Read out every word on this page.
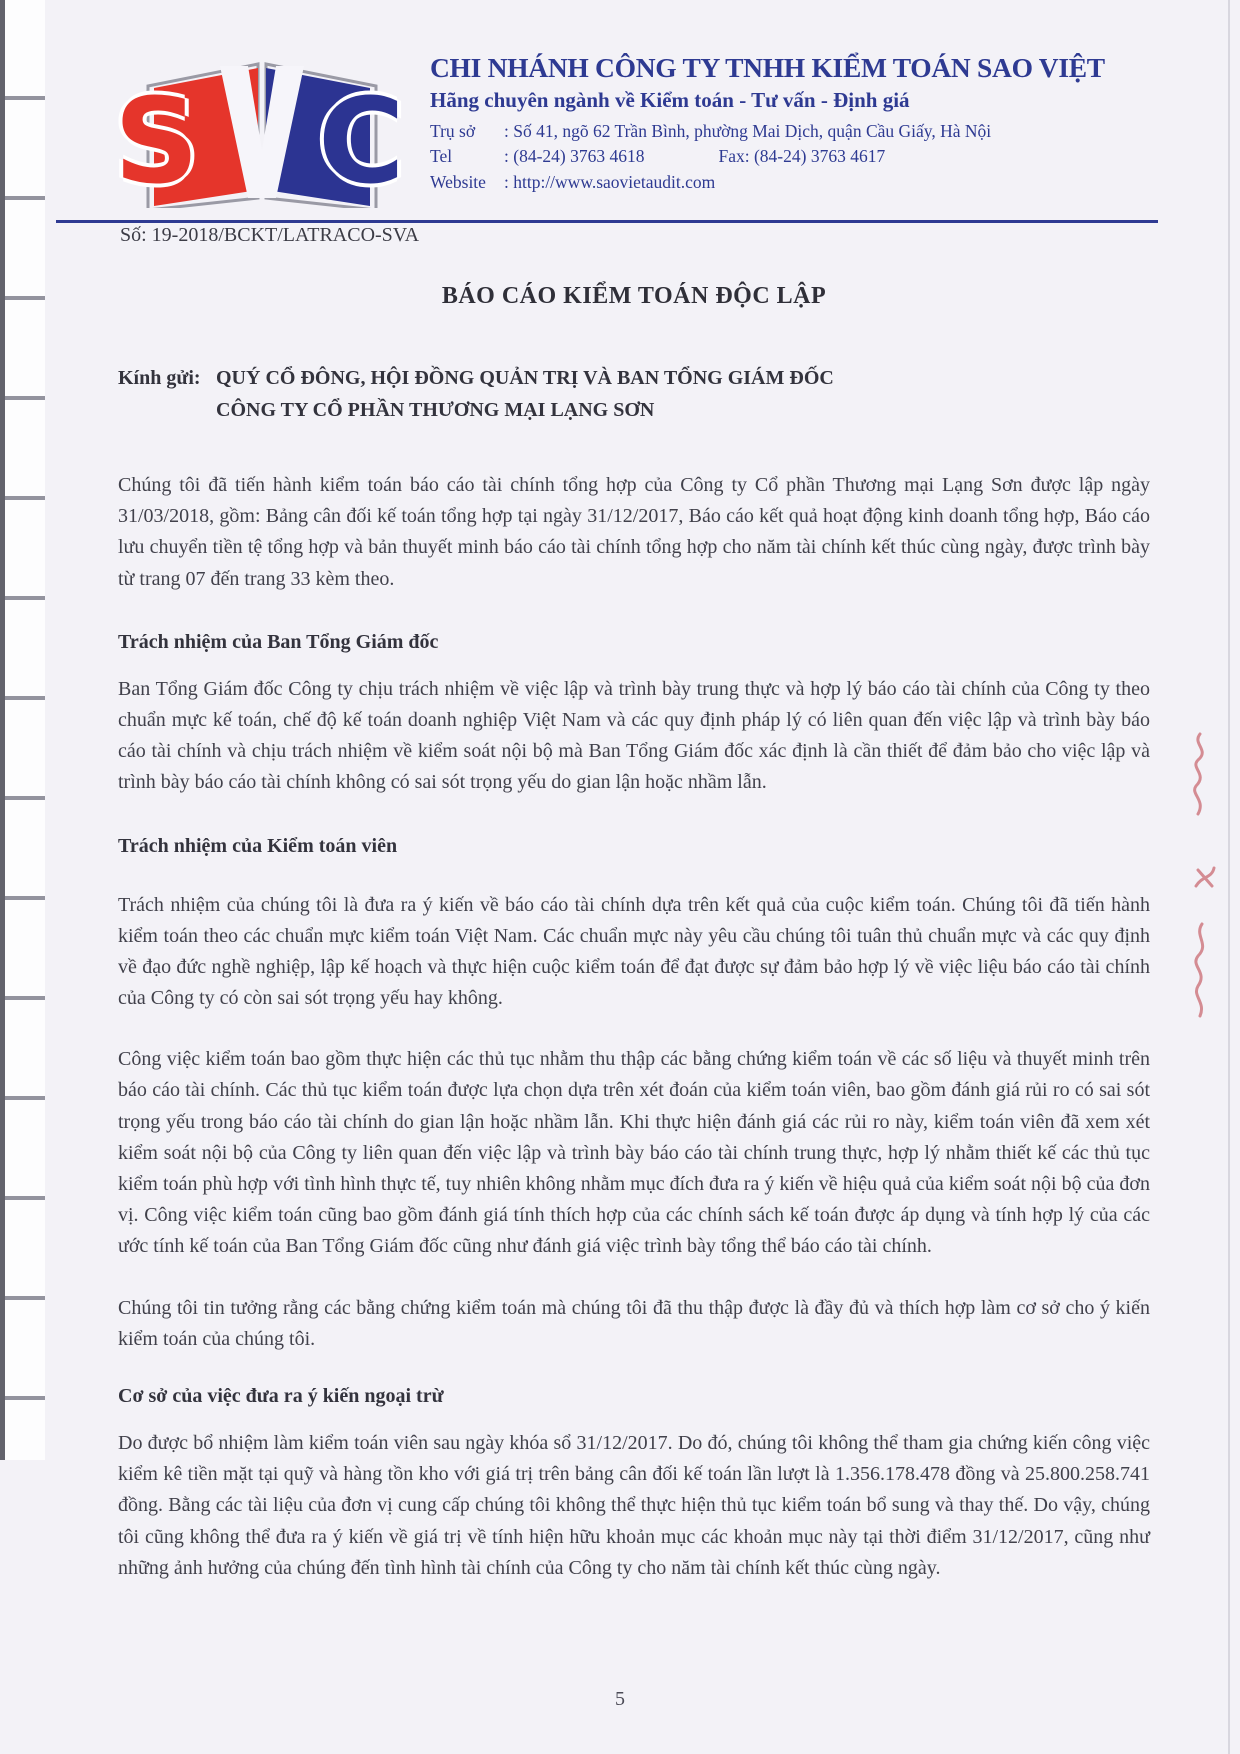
S C

CHI NHÁNH CÔNG TY TNHH KIỂM TOÁN SAO VIỆT

Hãng chuyên ngành về Kiểm toán - Tư vấn - Định giá

Trụ sở	: Số 41, ngõ 62 Trần Bình, phường Mai Dịch, quận Cầu Giấy, Hà Nội
Tel	: (84-24) 3763 4618	Fax: (84-24) 3763 4617
Website	: http://www.saovietaudit.com

Số: 19-2018/BCKT/LATRACO-SVA

BÁO CÁO KIỂM TOÁN ĐỘC LẬP
Kính gửi: QUÝ CỔ ĐÔNG, HỘI ĐỒNG QUẢN TRỊ VÀ BAN TỔNG GIÁM ĐỐC
CÔNG TY CỔ PHẦN THƯƠNG MẠI LẠNG SƠN

Chúng tôi đã tiến hành kiểm toán báo cáo tài chính tổng hợp của Công ty Cổ phần Thương mại Lạng Sơn được lập ngày 31/03/2018, gồm: Bảng cân đối kế toán tổng hợp tại ngày 31/12/2017, Báo cáo kết quả hoạt động kinh doanh tổng hợp, Báo cáo lưu chuyển tiền tệ tổng hợp và bản thuyết minh báo cáo tài chính tổng hợp cho năm tài chính kết thúc cùng ngày, được trình bày từ trang 07 đến trang 33 kèm theo.

Trách nhiệm của Ban Tổng Giám đốc

Ban Tổng Giám đốc Công ty chịu trách nhiệm về việc lập và trình bày trung thực và hợp lý báo cáo tài chính của Công ty theo chuẩn mực kế toán, chế độ kế toán doanh nghiệp Việt Nam và các quy định pháp lý có liên quan đến việc lập và trình bày báo cáo tài chính và chịu trách nhiệm về kiểm soát nội bộ mà Ban Tổng Giám đốc xác định là cần thiết để đảm bảo cho việc lập và trình bày báo cáo tài chính không có sai sót trọng yếu do gian lận hoặc nhầm lẫn.

Trách nhiệm của Kiểm toán viên

Trách nhiệm của chúng tôi là đưa ra ý kiến về báo cáo tài chính dựa trên kết quả của cuộc kiểm toán. Chúng tôi đã tiến hành kiểm toán theo các chuẩn mực kiểm toán Việt Nam. Các chuẩn mực này yêu cầu chúng tôi tuân thủ chuẩn mực và các quy định về đạo đức nghề nghiệp, lập kế hoạch và thực hiện cuộc kiểm toán để đạt được sự đảm bảo hợp lý về việc liệu báo cáo tài chính của Công ty có còn sai sót trọng yếu hay không.

Công việc kiểm toán bao gồm thực hiện các thủ tục nhằm thu thập các bằng chứng kiểm toán về các số liệu và thuyết minh trên báo cáo tài chính. Các thủ tục kiểm toán được lựa chọn dựa trên xét đoán của kiểm toán viên, bao gồm đánh giá rủi ro có sai sót trọng yếu trong báo cáo tài chính do gian lận hoặc nhầm lẫn. Khi thực hiện đánh giá các rủi ro này, kiểm toán viên đã xem xét kiểm soát nội bộ của Công ty liên quan đến việc lập và trình bày báo cáo tài chính trung thực, hợp lý nhằm thiết kế các thủ tục kiểm toán phù hợp với tình hình thực tế, tuy nhiên không nhằm mục đích đưa ra ý kiến về hiệu quả của kiểm soát nội bộ của đơn vị. Công việc kiểm toán cũng bao gồm đánh giá tính thích hợp của các chính sách kế toán được áp dụng và tính hợp lý của các ước tính kế toán của Ban Tổng Giám đốc cũng như đánh giá việc trình bày tổng thể báo cáo tài chính.

Chúng tôi tin tưởng rằng các bằng chứng kiểm toán mà chúng tôi đã thu thập được là đầy đủ và thích hợp làm cơ sở cho ý kiến kiểm toán của chúng tôi.

Cơ sở của việc đưa ra ý kiến ngoại trừ

Do được bổ nhiệm làm kiểm toán viên sau ngày khóa sổ 31/12/2017. Do đó, chúng tôi không thể tham gia chứng kiến công việc kiểm kê tiền mặt tại quỹ và hàng tồn kho với giá trị trên bảng cân đối kế toán lần lượt là 1.356.178.478 đồng và 25.800.258.741 đồng. Bằng các tài liệu của đơn vị cung cấp chúng tôi không thể thực hiện thủ tục kiểm toán bổ sung và thay thế. Do vậy, chúng tôi cũng không thể đưa ra ý kiến về giá trị về tính hiện hữu khoản mục các khoản mục này tại thời điểm 31/12/2017, cũng như những ảnh hưởng của chúng đến tình hình tài chính của Công ty cho năm tài chính kết thúc cùng ngày.

5
